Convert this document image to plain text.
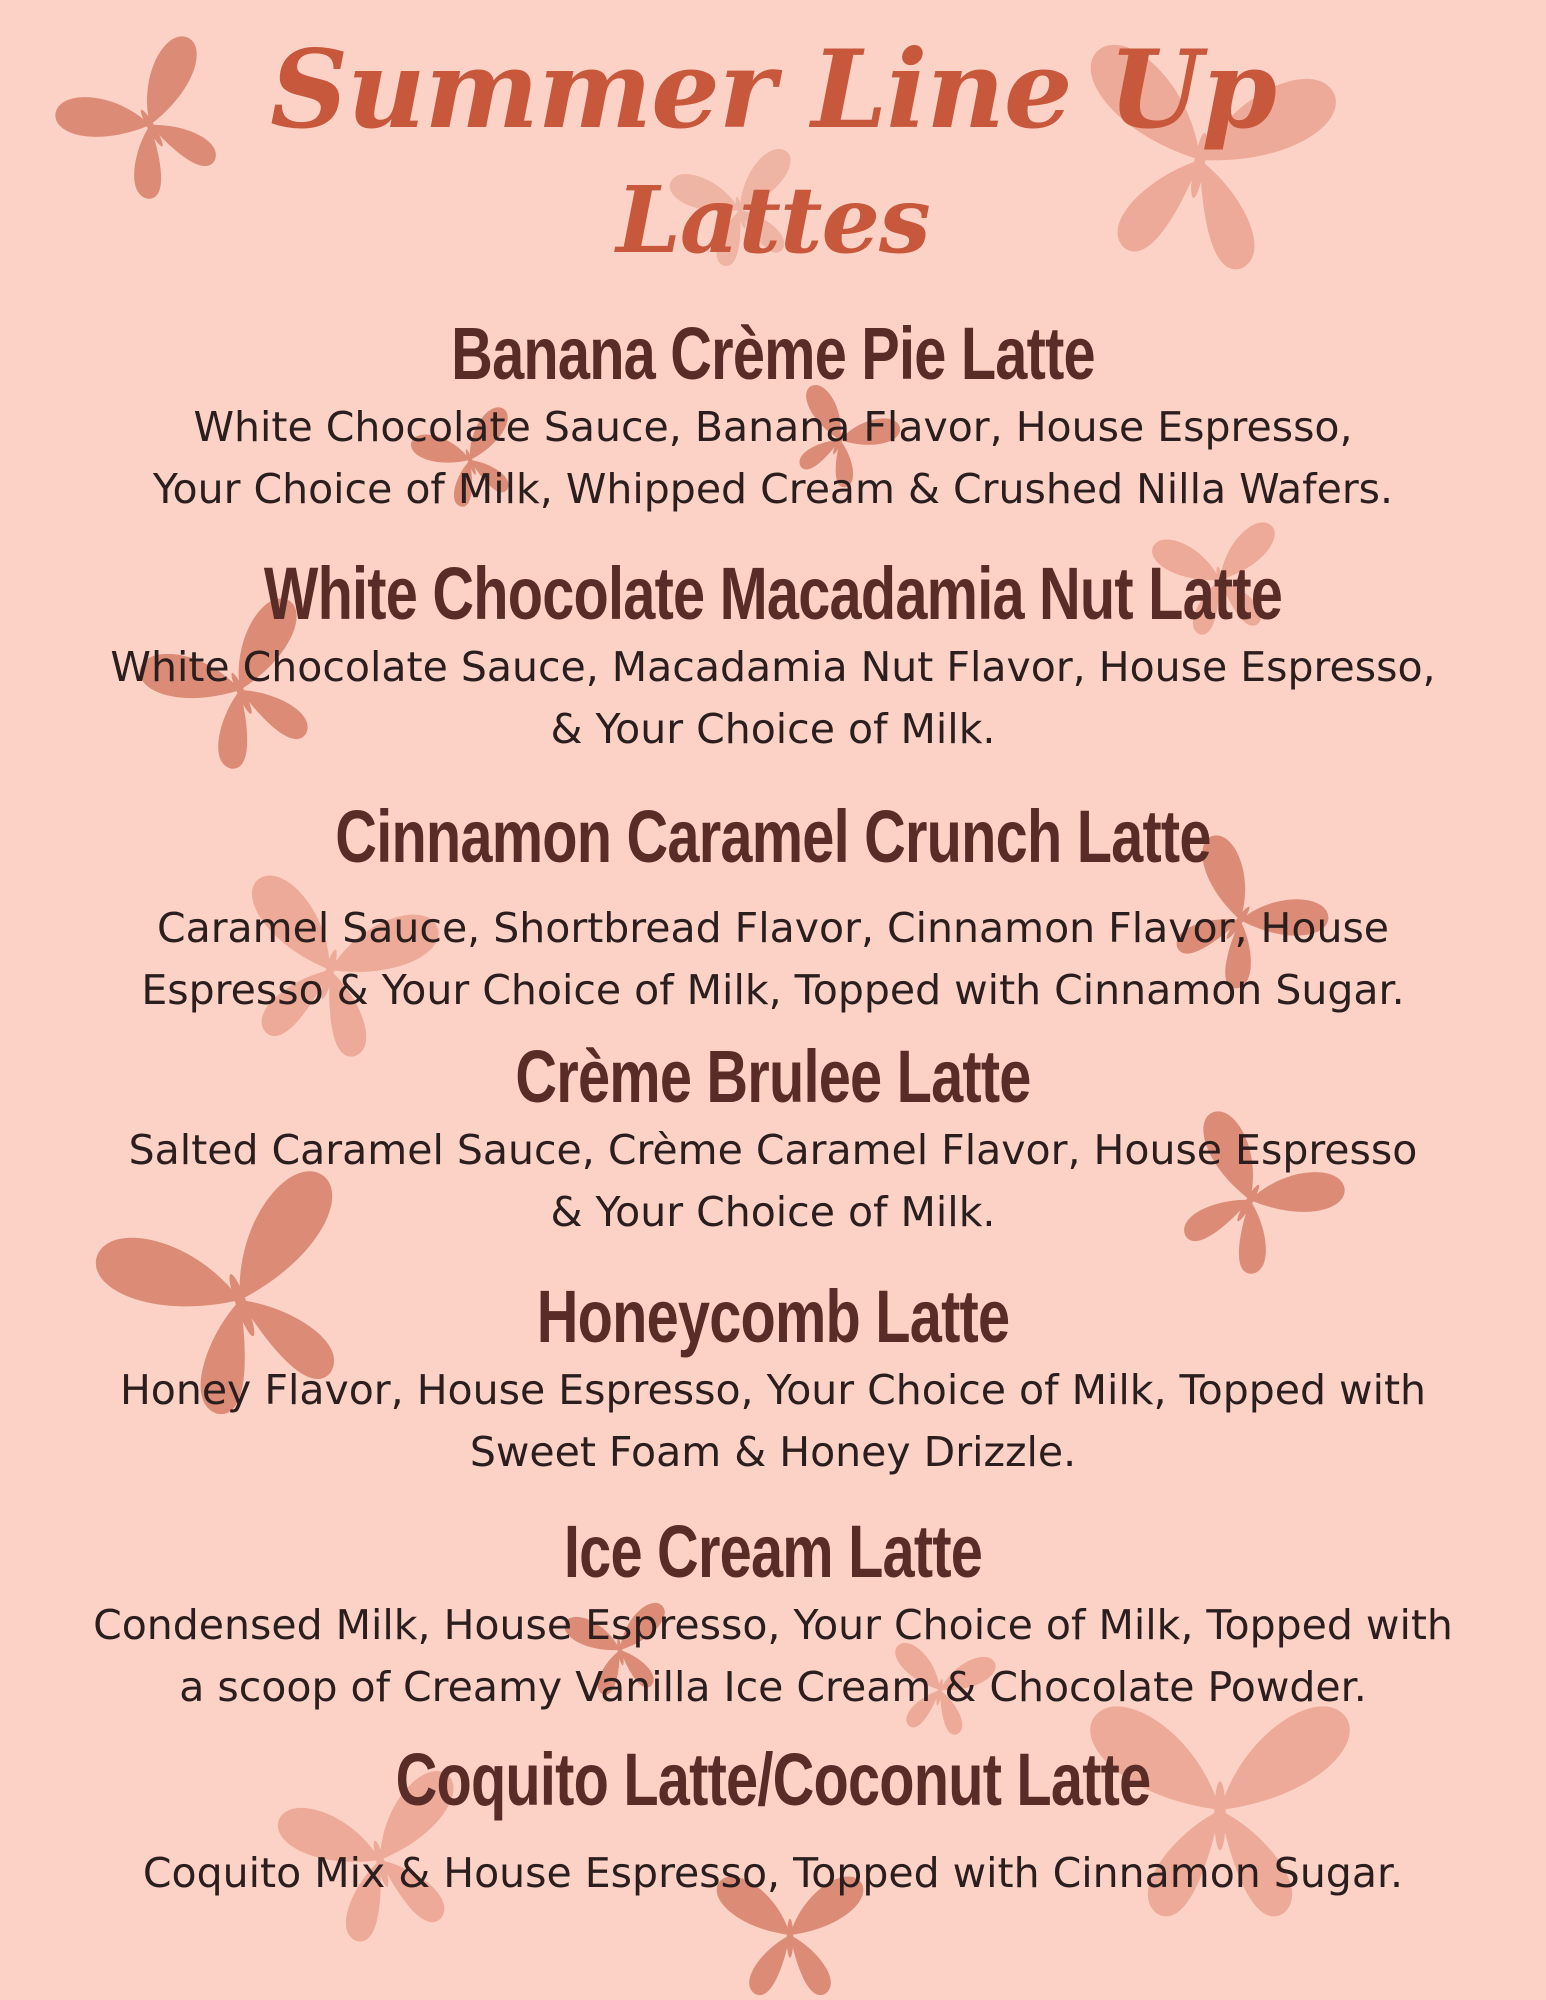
Summer Line Up
Lattes
Banana Crème Pie Latte

White Chocolate Sauce, Banana Flavor, House Espresso,
Your Choice of Milk, Whipped Cream & Crushed Nilla Wafers.

White Chocolate Macadamia Nut Latte

White Chocolate Sauce, Macadamia Nut Flavor, House Espresso,
& Your Choice of Milk.

Cinnamon Caramel Crunch Latte

Caramel Sauce, Shortbread Flavor, Cinnamon Flavor, House
Espresso & Your Choice of Milk, Topped with Cinnamon Sugar.

Crème Brulee Latte

Salted Caramel Sauce, Crème Caramel Flavor, House Espresso
& Your Choice of Milk.

Honeycomb Latte

Honey Flavor, House Espresso, Your Choice of Milk, Topped with
Sweet Foam & Honey Drizzle.

Ice Cream Latte

Condensed Milk, House Espresso, Your Choice of Milk, Topped with
a scoop of Creamy Vanilla Ice Cream & Chocolate Powder.

Coquito Latte/Coconut Latte

Coquito Mix & House Espresso, Topped with Cinnamon Sugar.
